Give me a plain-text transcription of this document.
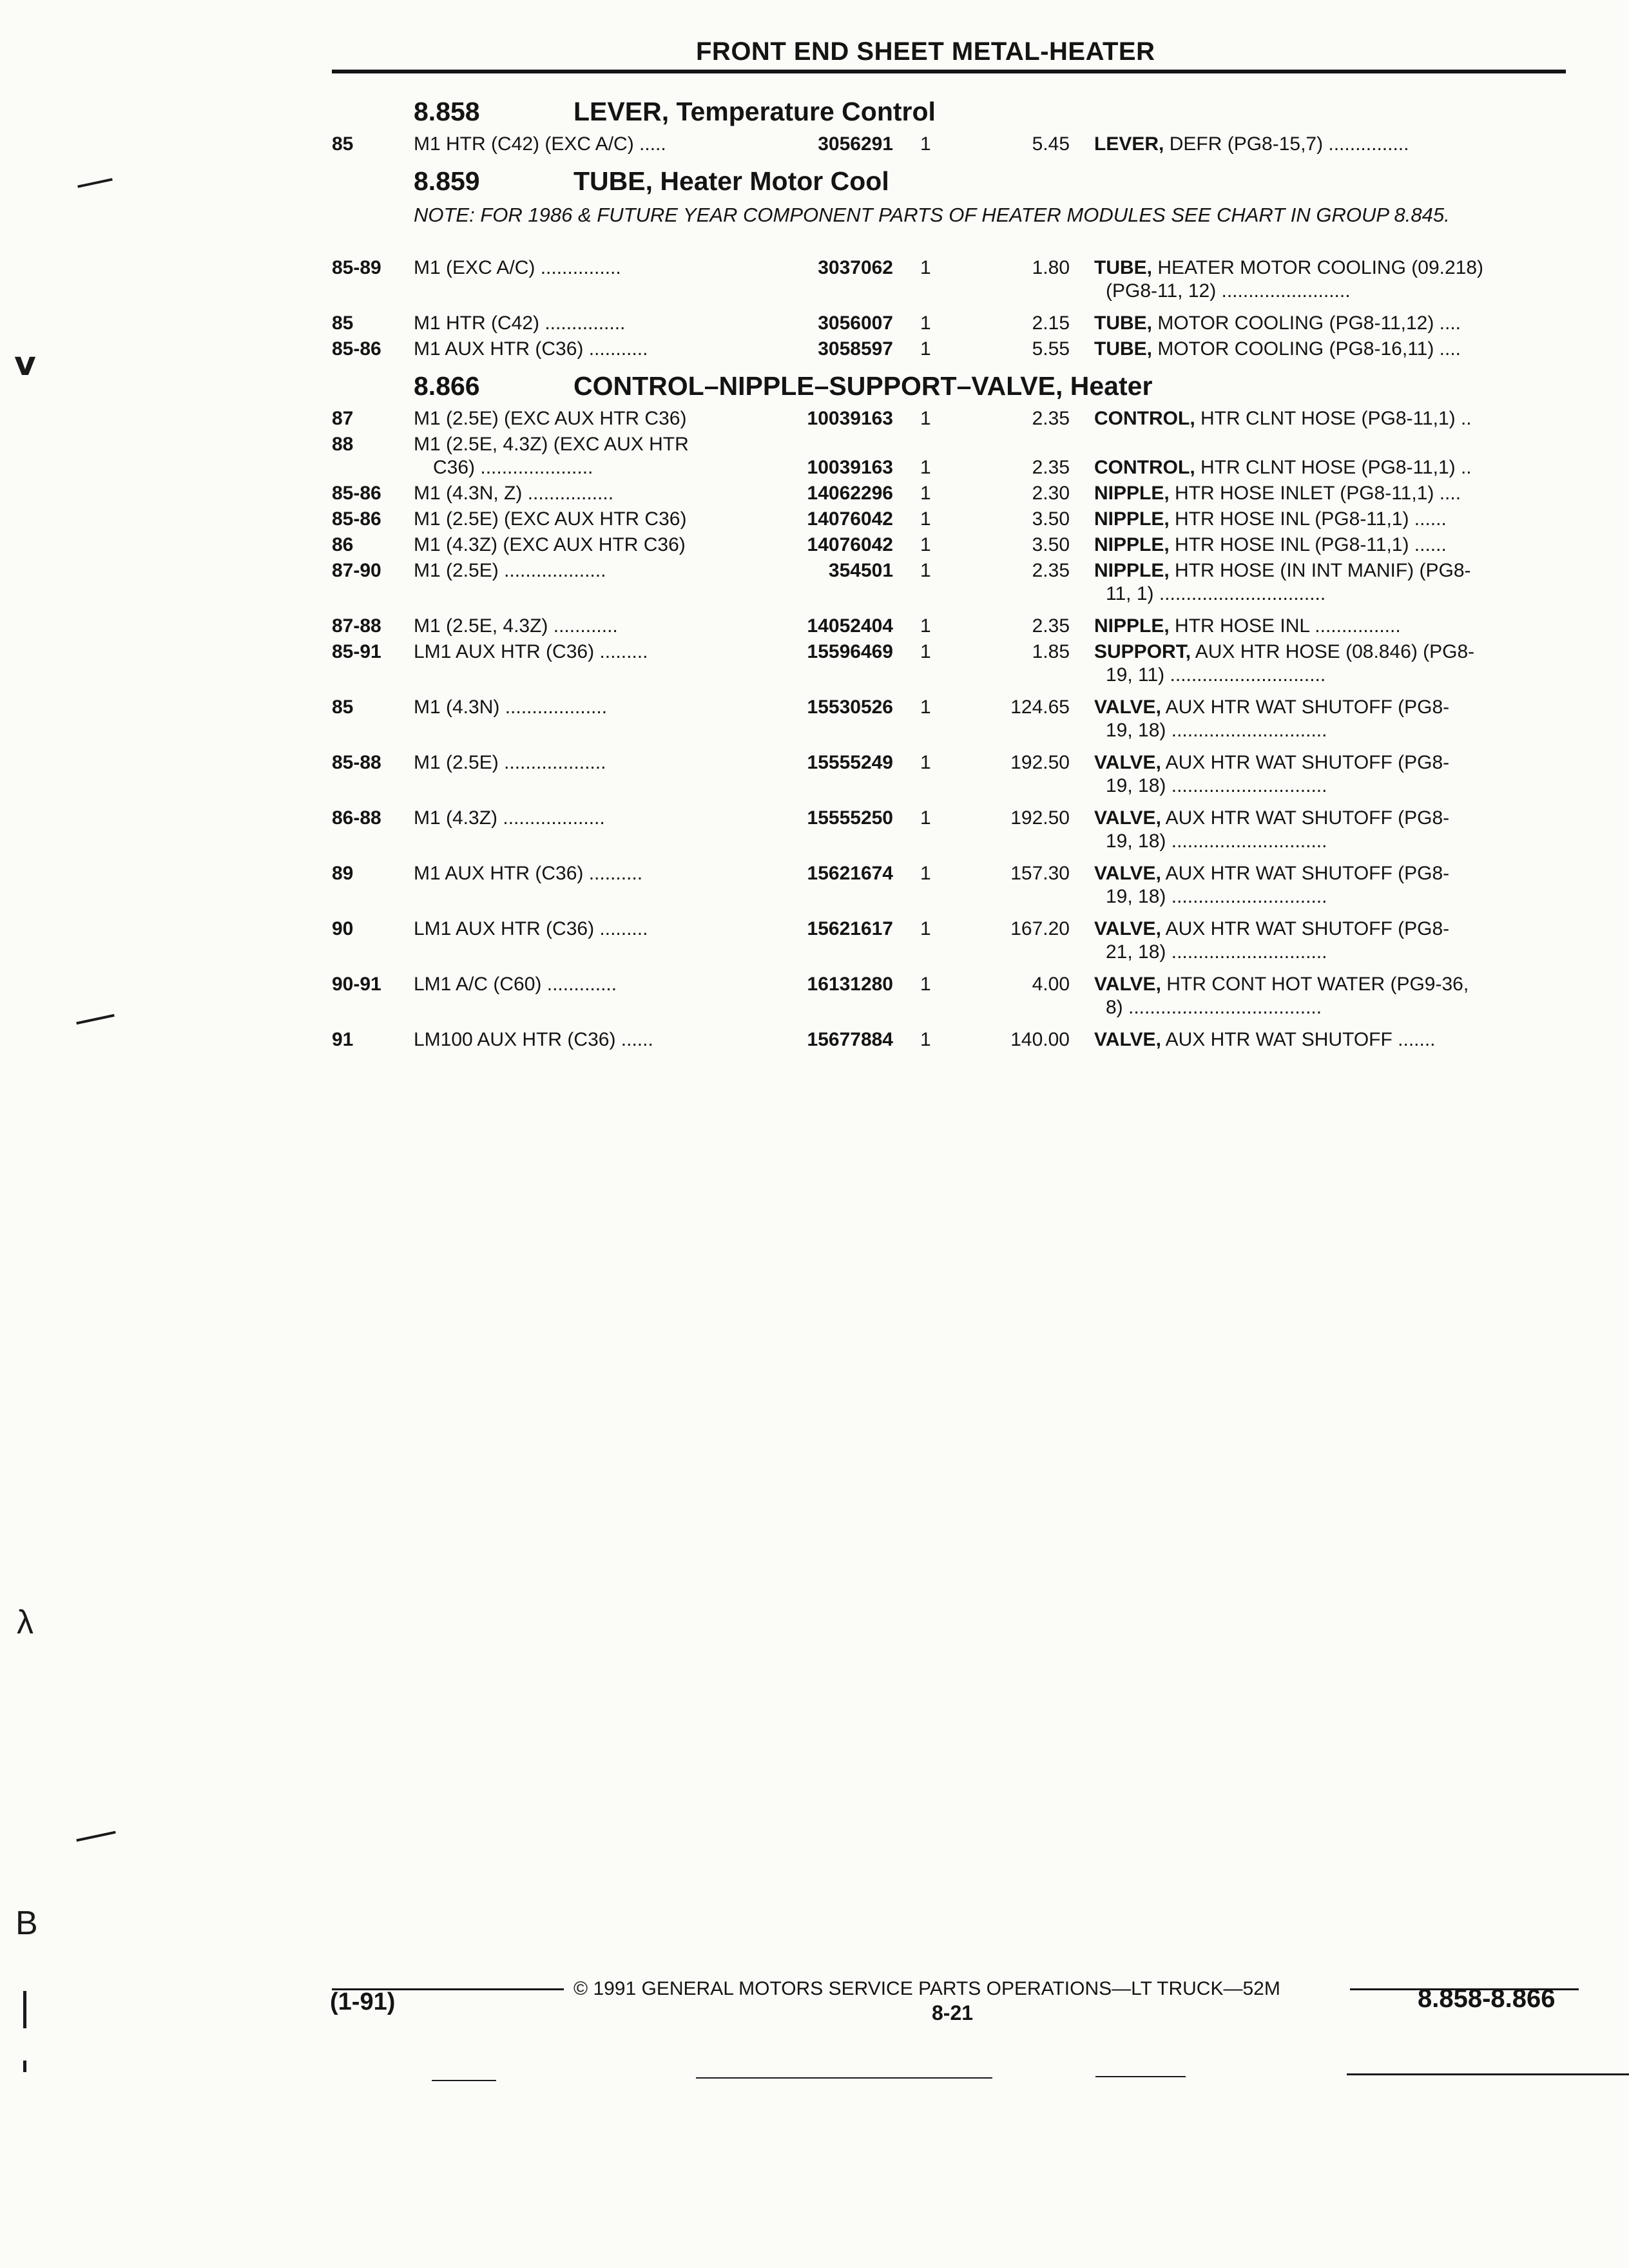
FRONT END SHEET METAL-HEATER
8.858	LEVER, Temperature Control
85	M1 HTR (C42) (EXC A/C) .....	3056291 1	5.45 LEVER, DEFR (PG8-15,7) ...............
8.859	TUBE, Heater Motor Cool
NOTE: FOR 1986 & FUTURE YEAR COMPONENT PARTS OF HEATER MODULES SEE CHART IN GROUP 8.845.
85-89 M1 (EXC A/C) ...............	3037062 1	1.80 TUBE, HEATER MOTOR COOLING (09.218)
(PG8-11, 12) ........................
85	M1 HTR (C42) ...............	3056007 1	2.15 TUBE, MOTOR COOLING (PG8-11,12) ....
85-86 M1 AUX HTR (C36) ...........	3058597 1	5.55 TUBE, MOTOR COOLING (PG8-16,11) ....
8.866	CONTROL–NIPPLE–SUPPORT–VALVE, Heater
87	M1 (2.5E) (EXC AUX HTR C36)	10039163 1	2.35 CONTROL, HTR CLNT HOSE (PG8-11,1) ..
88	M1 (2.5E, 4.3Z) (EXC AUX HTR
C36) .....................	10039163 1	2.35 CONTROL, HTR CLNT HOSE (PG8-11,1) ..
85-86 M1 (4.3N, Z) ................	14062296 1	2.30 NIPPLE, HTR HOSE INLET (PG8-11,1) ....
85-86 M1 (2.5E) (EXC AUX HTR C36)	14076042 1	3.50 NIPPLE, HTR HOSE INL (PG8-11,1) ......
86	M1 (4.3Z) (EXC AUX HTR C36)	14076042 1	3.50 NIPPLE, HTR HOSE INL (PG8-11,1) ......
87-90 M1 (2.5E) ...................	354501 1	2.35 NIPPLE, HTR HOSE (IN INT MANIF) (PG8-
11, 1) ...............................
87-88 M1 (2.5E, 4.3Z) ............	14052404 1	2.35 NIPPLE, HTR HOSE INL ................
85-91 LM1 AUX HTR (C36) .........	15596469 1	1.85 SUPPORT, AUX HTR HOSE (08.846) (PG8-
19, 11) .............................
85	M1 (4.3N) ...................	15530526 1	124.65 VALVE, AUX HTR WAT SHUTOFF (PG8-
19, 18) .............................
85-88 M1 (2.5E) ...................	15555249 1	192.50 VALVE, AUX HTR WAT SHUTOFF (PG8-
19, 18) .............................
86-88 M1 (4.3Z) ...................	15555250 1	192.50 VALVE, AUX HTR WAT SHUTOFF (PG8-
19, 18) .............................
89	M1 AUX HTR (C36) ..........	15621674 1	157.30 VALVE, AUX HTR WAT SHUTOFF (PG8-
19, 18) .............................
90	LM1 AUX HTR (C36) .........	15621617 1	167.20 VALVE, AUX HTR WAT SHUTOFF (PG8-
21, 18) .............................
90-91 LM1 A/C (C60) .............	16131280 1	4.00 VALVE, HTR CONT HOT WATER (PG9-36,
8) ....................................
91	LM100 AUX HTR (C36) ......	15677884 1	140.00 VALVE, AUX HTR WAT SHUTOFF .......
© 1991 GENERAL MOTORS SERVICE PARTS OPERATIONS—LT TRUCK—52M
(1-91)	8-21	8.858-8.866
ⅴ
λ
B
